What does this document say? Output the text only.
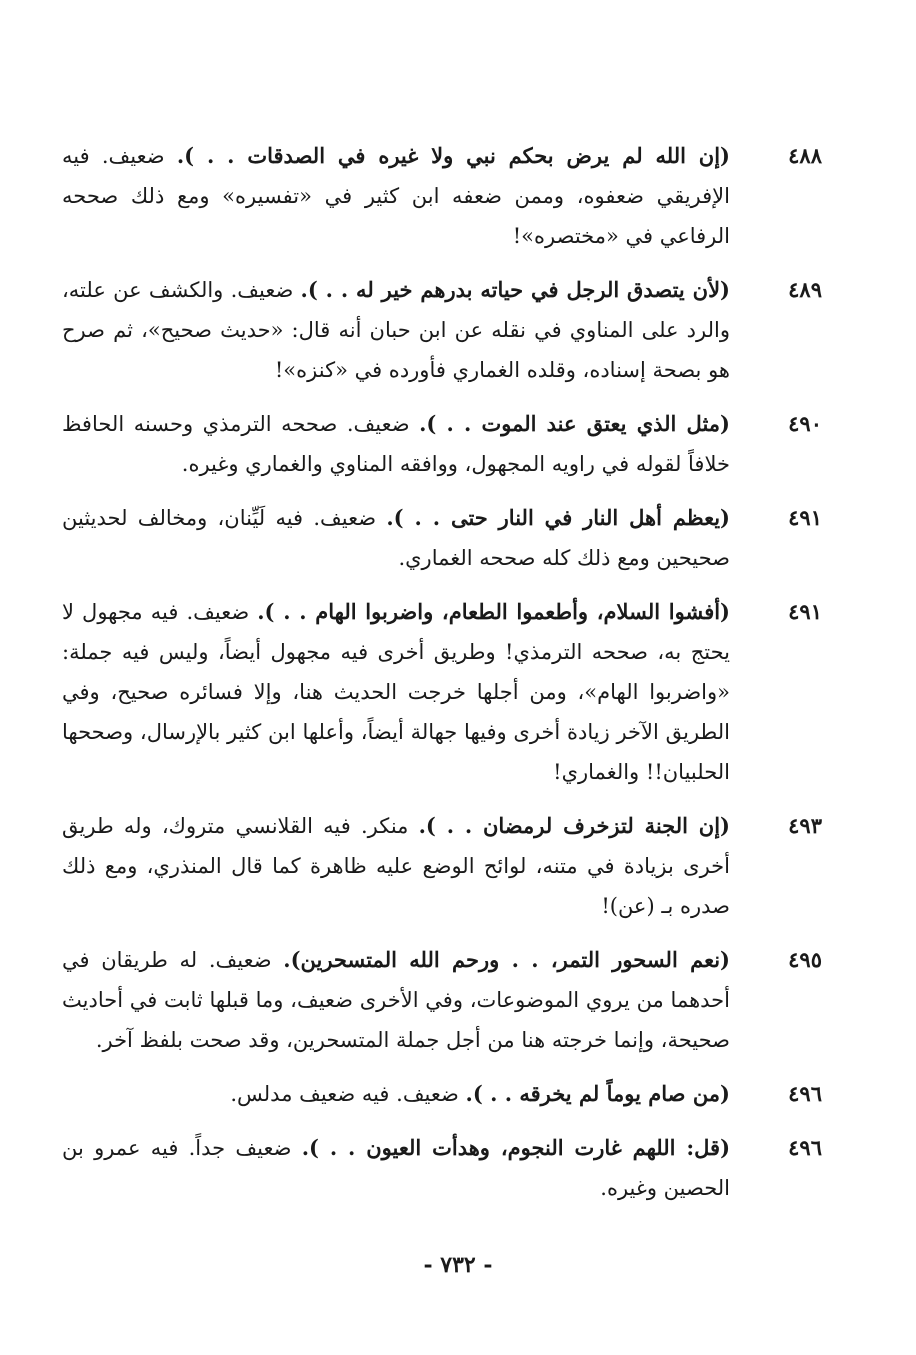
٤٨٨
(إن الله لم يرض بحكم نبي ولا غيره في الصدقات . . ). ضعيف. فيه الإفريقي ضعفوه، وممن ضعفه ابن كثير في «تفسيره» ومع ذلك صححه الرفاعي في «مختصره»!
٤٨٩
(لأن يتصدق الرجل في حياته بدرهم خير له . . ). ضعيف. والكشف عن علته، والرد على المناوي في نقله عن ابن حبان أنه قال: «حديث صحيح»، ثم صرح هو بصحة إسناده، وقلده الغماري فأورده في «كنزه»!
٤٩٠
(مثل الذي يعتق عند الموت . . ). ضعيف. صححه الترمذي وحسنه الحافظ خلافاً لقوله في راويه المجهول، ووافقه المناوي والغماري وغيره.
٤٩١
(يعظم أهل النار في النار حتى . . ). ضعيف. فيه لَيِّنان، ومخالف لحديثين صحيحين ومع ذلك كله صححه الغماري.
٤٩١
(أفشوا السلام، وأطعموا الطعام، واضربوا الهام . . ). ضعيف. فيه مجهول لا يحتج به، صححه الترمذي! وطريق أخرى فيه مجهول أيضاً، وليس فيه جملة: «واضربوا الهام»، ومن أجلها خرجت الحديث هنا، وإلا فسائره صحيح، وفي الطريق الآخر زيادة أخرى وفيها جهالة أيضاً، وأعلها ابن كثير بالإرسال، وصححها الحلبيان!! والغماري!
٤٩٣
(إن الجنة لتزخرف لرمضان . . ). منكر. فيه القلانسي متروك، وله طريق أخرى بزيادة في متنه، لوائح الوضع عليه ظاهرة كما قال المنذري، ومع ذلك صدره بـ (عن)!
٤٩٥
(نعم السحور التمر، . . ورحم الله المتسحرين). ضعيف. له طريقان في أحدهما من يروي الموضوعات، وفي الأخرى ضعيف، وما قبلها ثابت في أحاديث صحيحة، وإنما خرجته هنا من أجل جملة المتسحرين، وقد صحت بلفظ آخر.
٤٩٦
(من صام يوماً لم يخرقه . . ). ضعيف. فيه ضعيف مدلس.
٤٩٦
(قل: اللهم غارت النجوم، وهدأت العيون . . ). ضعيف جداً. فيه عمرو بن الحصين وغيره.
- ٧٣٢ -
